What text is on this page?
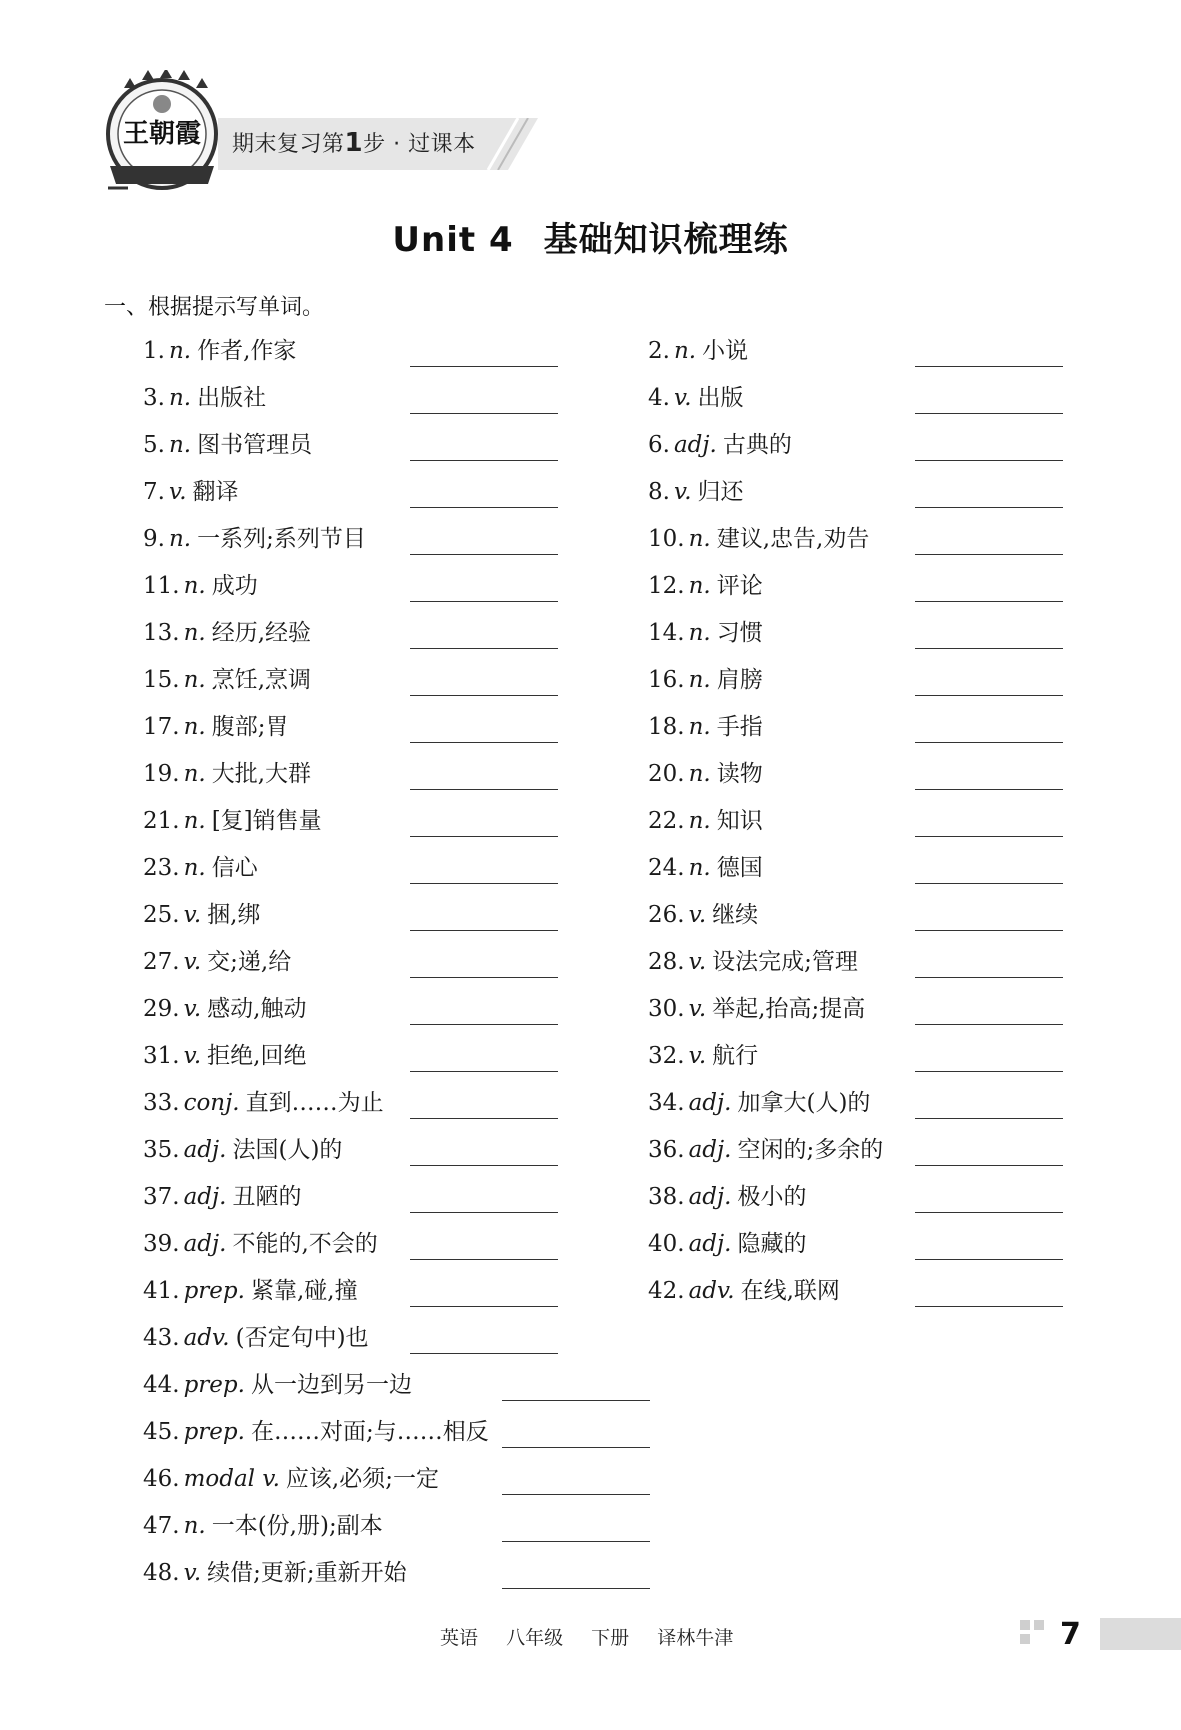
王朝霞 期末复习第1步 · 过课本
Unit 4 基础知识梳理练
一、根据提示写单词。
1. n. 作者,作家	2. n. 小说
3. n. 出版社	4. v. 出版
5. n. 图书管理员	6. adj. 古典的
7. v. 翻译	8. v. 归还
9. n. 一系列;系列节目	10. n. 建议,忠告,劝告
11. n. 成功	12. n. 评论
13. n. 经历,经验	14. n. 习惯
15. n. 烹饪,烹调	16. n. 肩膀
17. n. 腹部;胃	18. n. 手指
19. n. 大批,大群	20. n. 读物
21. n. [复]销售量	22. n. 知识
23. n. 信心	24. n. 德国
25. v. 捆,绑	26. v. 继续
27. v. 交;递,给	28. v. 设法完成;管理
29. v. 感动,触动	30. v. 举起,抬高;提高
31. v. 拒绝,回绝	32. v. 航行
33. conj. 直到……为止	34. adj. 加拿大(人)的
35. adj. 法国(人)的	36. adj. 空闲的;多余的
37. adj. 丑陋的	38. adj. 极小的
39. adj. 不能的,不会的	40. adj. 隐藏的
41. prep. 紧靠,碰,撞	42. adv. 在线,联网
43. adv. (否定句中)也
44. prep. 从一边到另一边
45. prep. 在……对面;与……相反
46. modal v. 应该,必须;一定
47. n. 一本(份,册);副本
48. v. 续借;更新;重新开始
英语 八年级 下册 译林牛津	7
